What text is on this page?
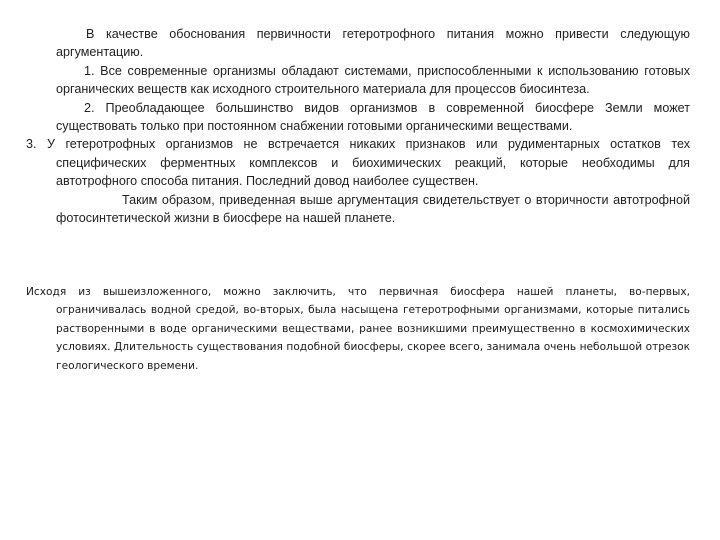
В качестве обоснования первичности гетеротрофного питания можно привести следующую аргументацию.

1. Все современные организмы обладают системами, приспособленными к использованию готовых органических веществ как исходного строительного материала для процессов биосинтеза.

2. Преобладающее большинство видов организмов в современной биосфере Земли может существовать только при постоянном снабжении готовыми органическими веществами.

3. У гетеротрофных организмов не встречается никаких признаков или рудиментарных остатков тех специфических ферментных комплексов и биохимических реакций, которые необходимы для автотрофного способа питания. Последний довод наиболее существен.

Таким образом, приведенная выше аргументация свидетельствует о вторичности автотрофной фотосинтетической жизни в биосфере на нашей планете.

Исходя из вышеизложенного, можно заключить, что первичная биосфера нашей планеты, во-первых, ограничивалась водной средой, во-вторых, была насыщена гетеротрофными организмами, которые питались растворенными в воде органическими веществами, ранее возникшими преимущественно в космохимических условиях. Длительность существования подобной биосферы, скорее всего, занимала очень небольшой отрезок геологического времени.
